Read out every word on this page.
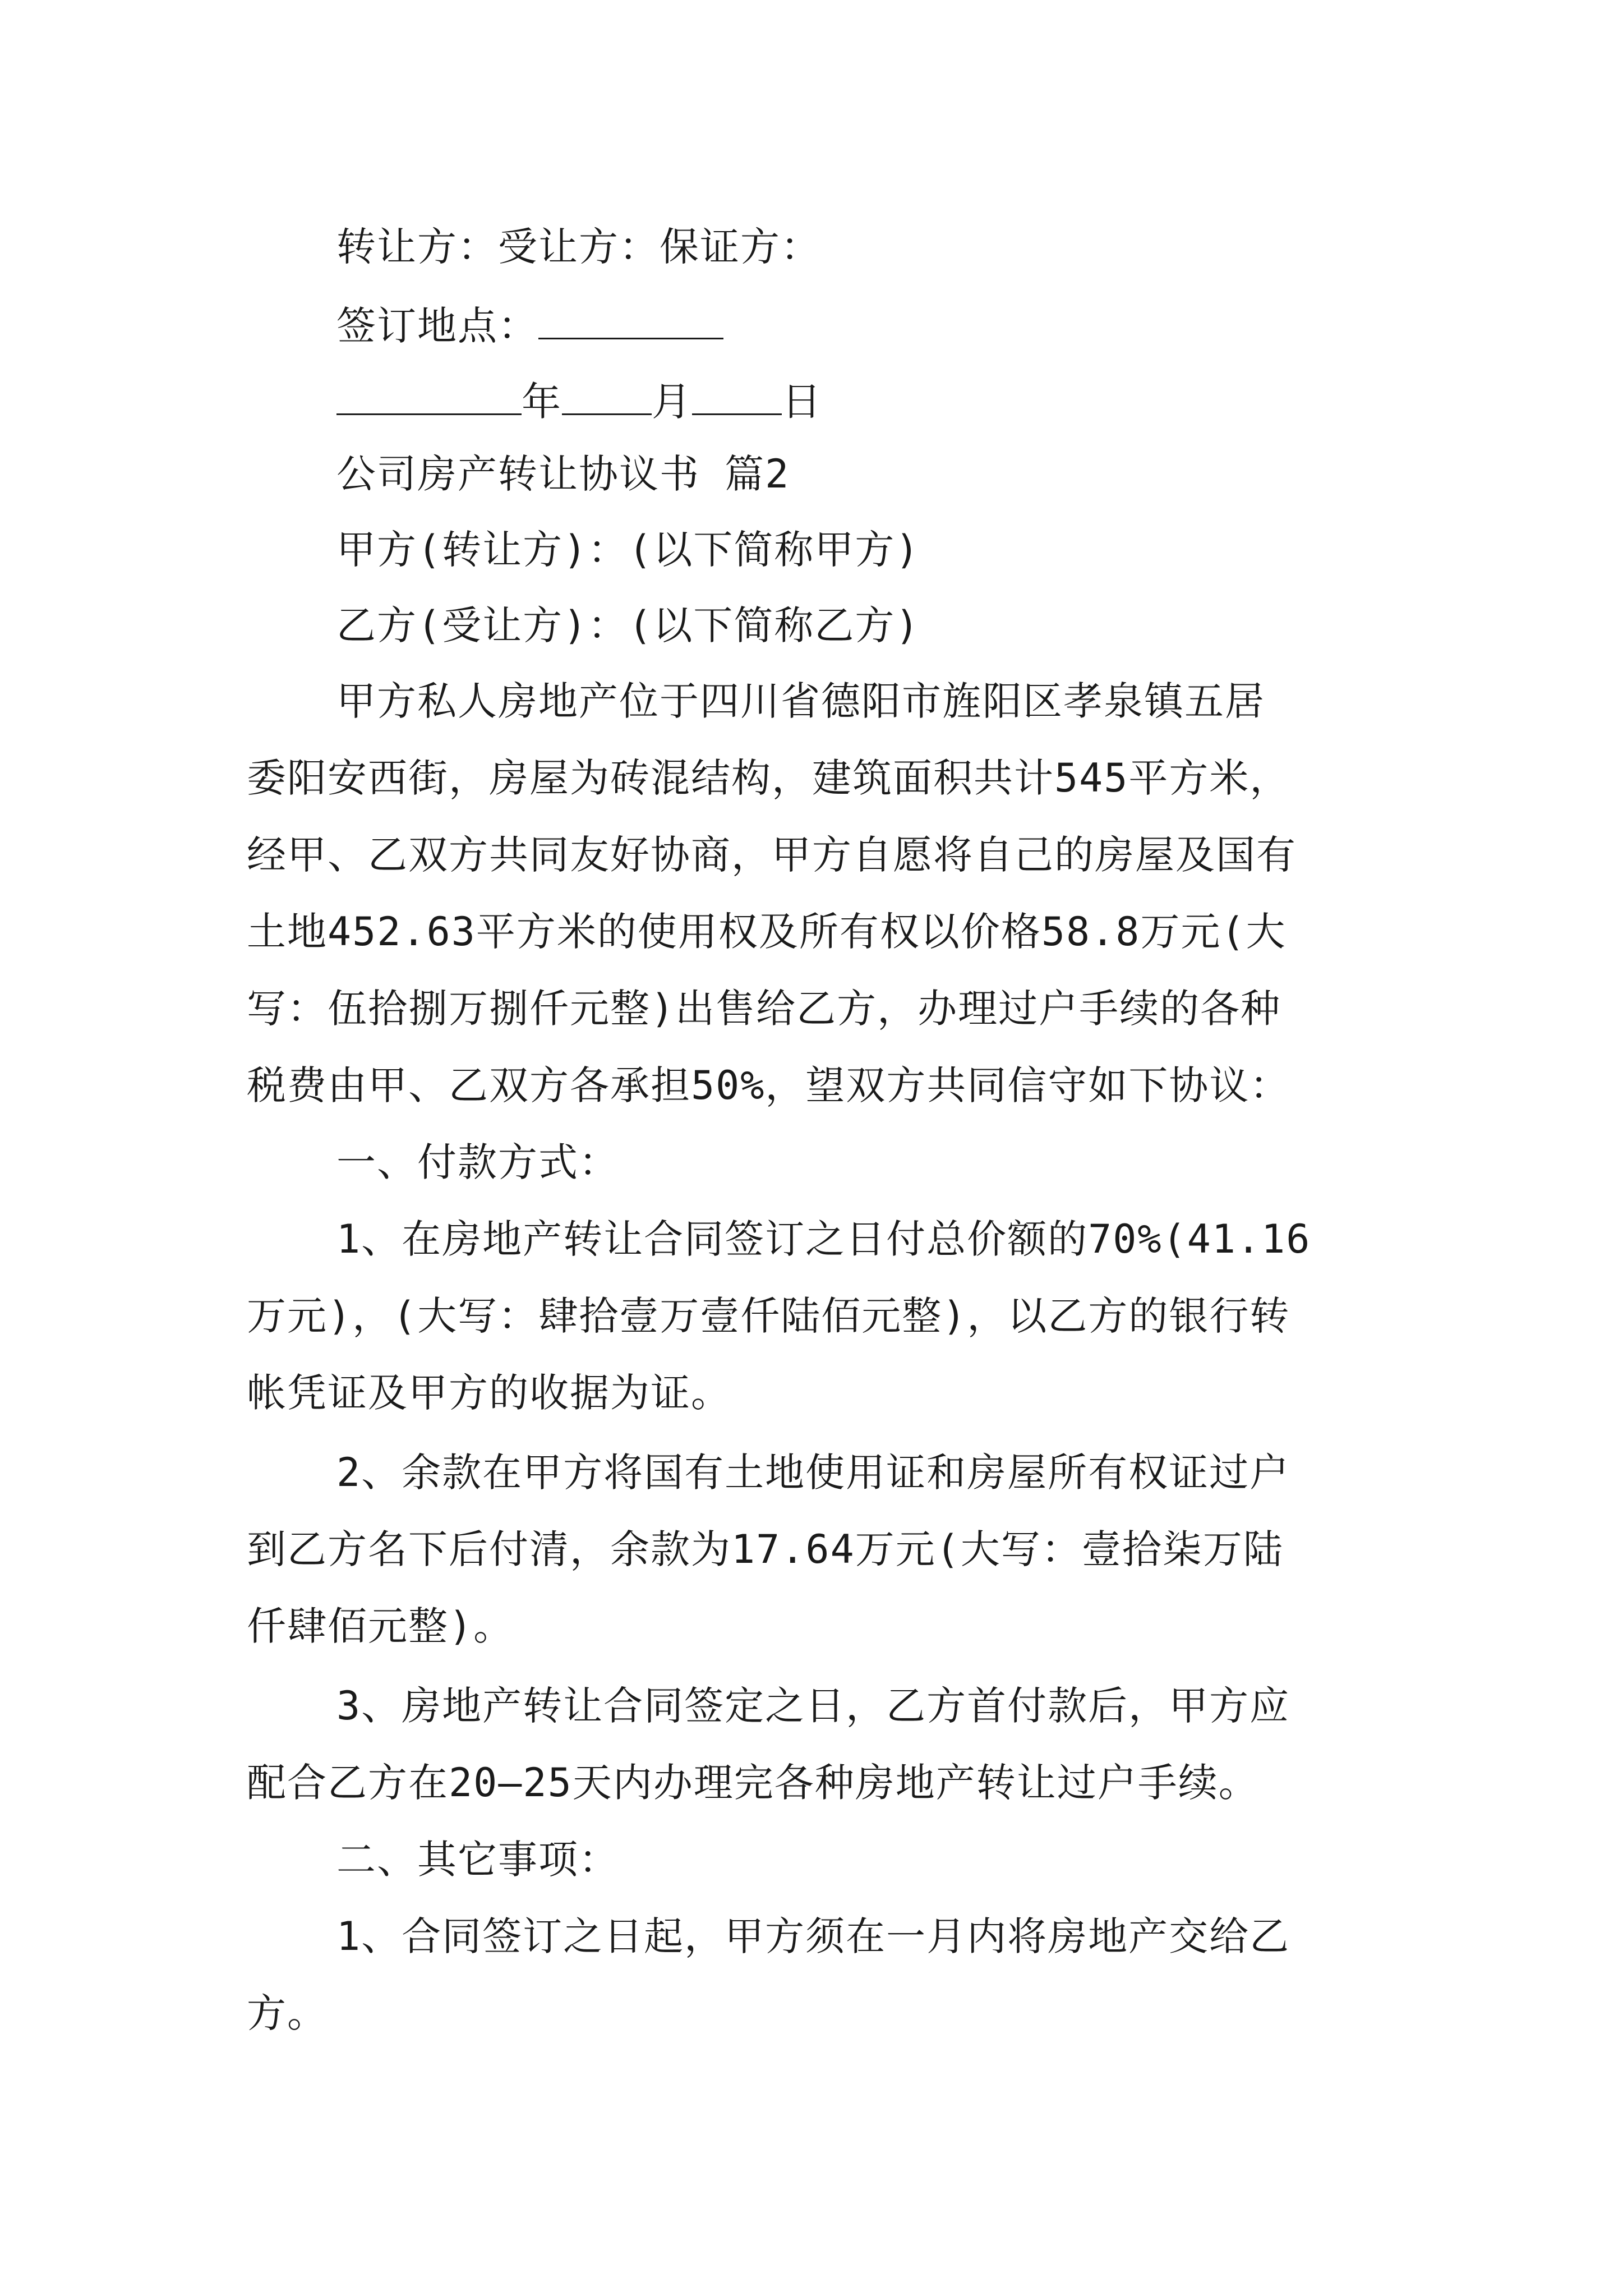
转让方：受让方：保证方：
签订地点：
年 月 日
公司房产转让协议书 篇2
甲方(转让方)：(以下简称甲方)
乙方(受让方)：(以下简称乙方)
甲方私人房地产位于四川省德阳市旌阳区孝泉镇五居
委阳安西街，房屋为砖混结构，建筑面积共计545平方米，
经甲、乙双方共同友好协商，甲方自愿将自己的房屋及国有
土地452.63平方米的使用权及所有权以价格58.8万元(大
写：伍拾捌万捌仟元整)出售给乙方，办理过户手续的各种
税费由甲、乙双方各承担50%，望双方共同信守如下协议：
一、付款方式：
1、在房地产转让合同签订之日付总价额的70%(41.16
万元)，(大写：肆拾壹万壹仟陆佰元整)，以乙方的银行转
帐凭证及甲方的收据为证。
2、余款在甲方将国有土地使用证和房屋所有权证过户
到乙方名下后付清，余款为17.64万元(大写：壹拾柒万陆
仟肆佰元整)。
3、房地产转让合同签定之日，乙方首付款后，甲方应
配合乙方在20—25天内办理完各种房地产转让过户手续。
二、其它事项：
1、合同签订之日起，甲方须在一月内将房地产交给乙
方。
